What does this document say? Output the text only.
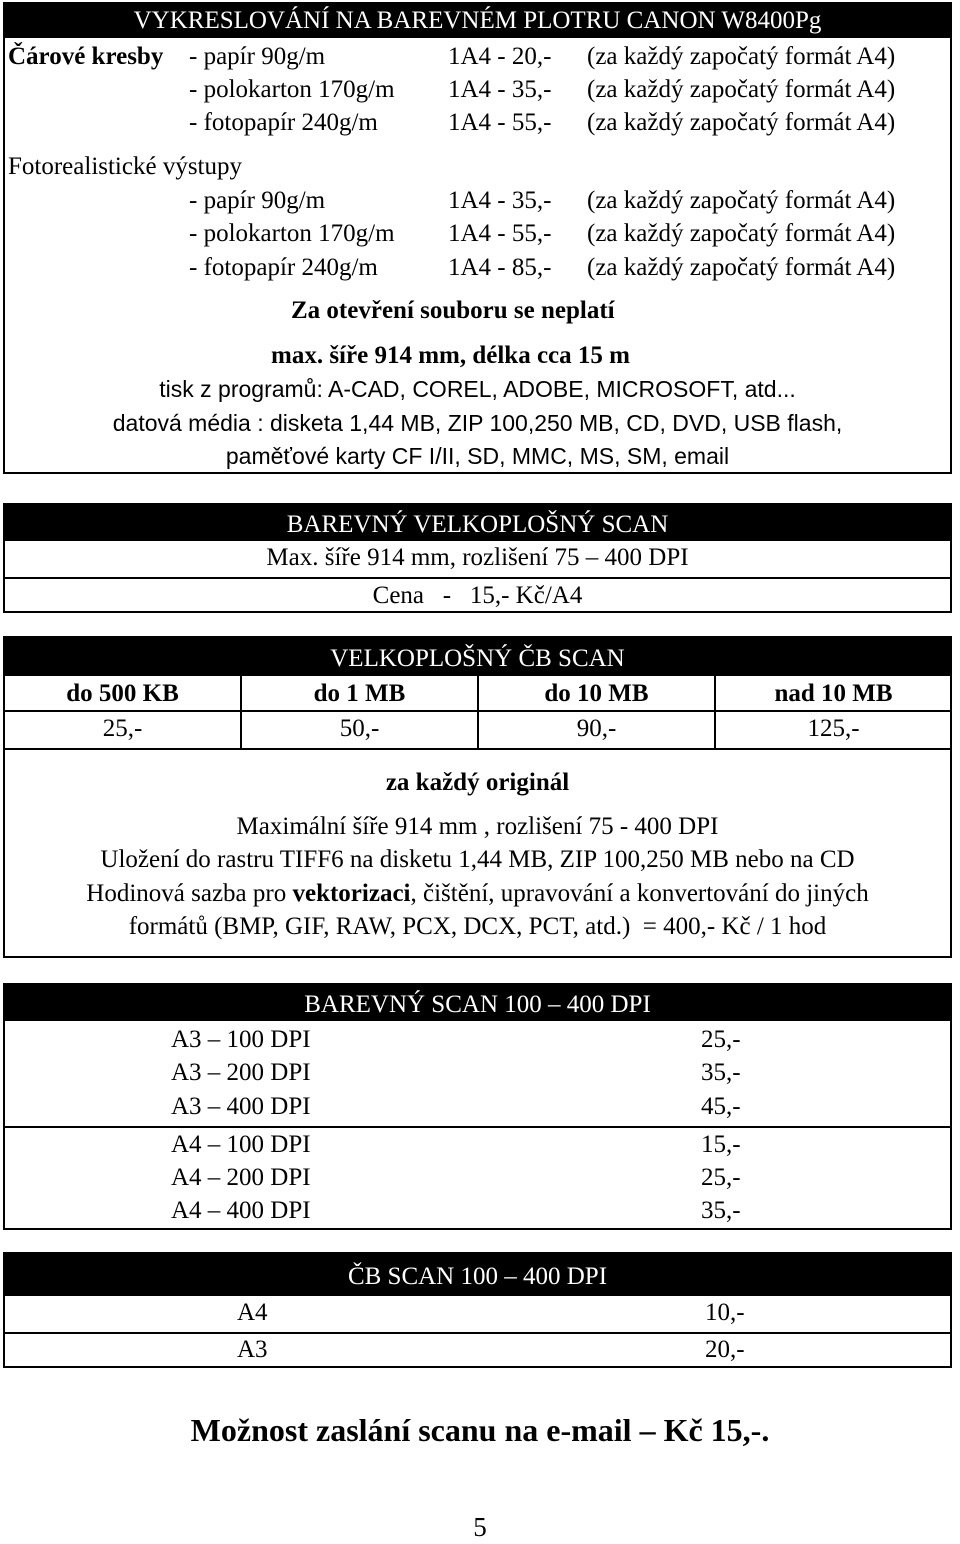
VYKRESLOVÁNÍ NA BAREVNÉM PLOTRU CANON W8400Pg
Čárové kresby - papír 90g/m	1A4 - 20,- (za každý započatý formát A4)
- polokarton 170g/m 1A4 - 35,- (za každý započatý formát A4)
- fotopapír 240g/m	1A4 - 55,- (za každý započatý formát A4)
Fotorealistické výstupy
- papír 90g/m	1A4 - 35,- (za každý započatý formát A4)
- polokarton 170g/m 1A4 - 55,- (za každý započatý formát A4)
- fotopapír 240g/m	1A4 - 85,- (za každý započatý formát A4)
Za otevření souboru se neplatí
max. šíře 914 mm, délka cca 15 m
tisk z programů: A-CAD, COREL, ADOBE, MICROSOFT, atd...
datová média : disketa 1,44 MB, ZIP 100,250 MB, CD, DVD, USB flash,
paměťové karty CF I/II, SD, MMC, MS, SM, email
BAREVNÝ VELKOPLOŠNÝ SCAN
Max. šíře 914 mm, rozlišení 75 – 400 DPI
Cena   -   15,- Kč/A4
VELKOPLOŠNÝ ČB SCAN
do 500 KB	do 1 MB	do 10 MB	nad 10 MB
25,-	50,-	90,-	125,-
za každý originál
Maximální šíře 914 mm , rozlišení 75 - 400 DPI
Uložení do rastru TIFF6 na disketu 1,44 MB, ZIP 100,250 MB nebo na CD
Hodinová sazba pro vektorizaci, čištění, upravování a konvertování do jiných
formátů (BMP, GIF, RAW, PCX, DCX, PCT, atd.)  = 400,- Kč / 1 hod
BAREVNÝ SCAN 100 – 400 DPI
A3 – 100 DPI	25,-
A3 – 200 DPI	35,-
A3 – 400 DPI	45,-
A4 – 100 DPI	15,-
A4 – 200 DPI	25,-
A4 – 400 DPI	35,-
ČB SCAN 100 – 400 DPI
A4	10,-
A3	20,-
Možnost zaslání scanu na e-mail – Kč 15,-.
5
